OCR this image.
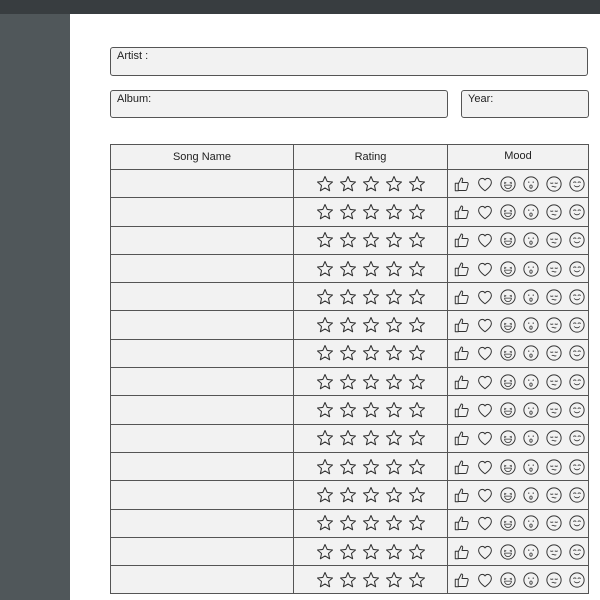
Artist :
Album:	Year:
Song Name	Rating	Mood
